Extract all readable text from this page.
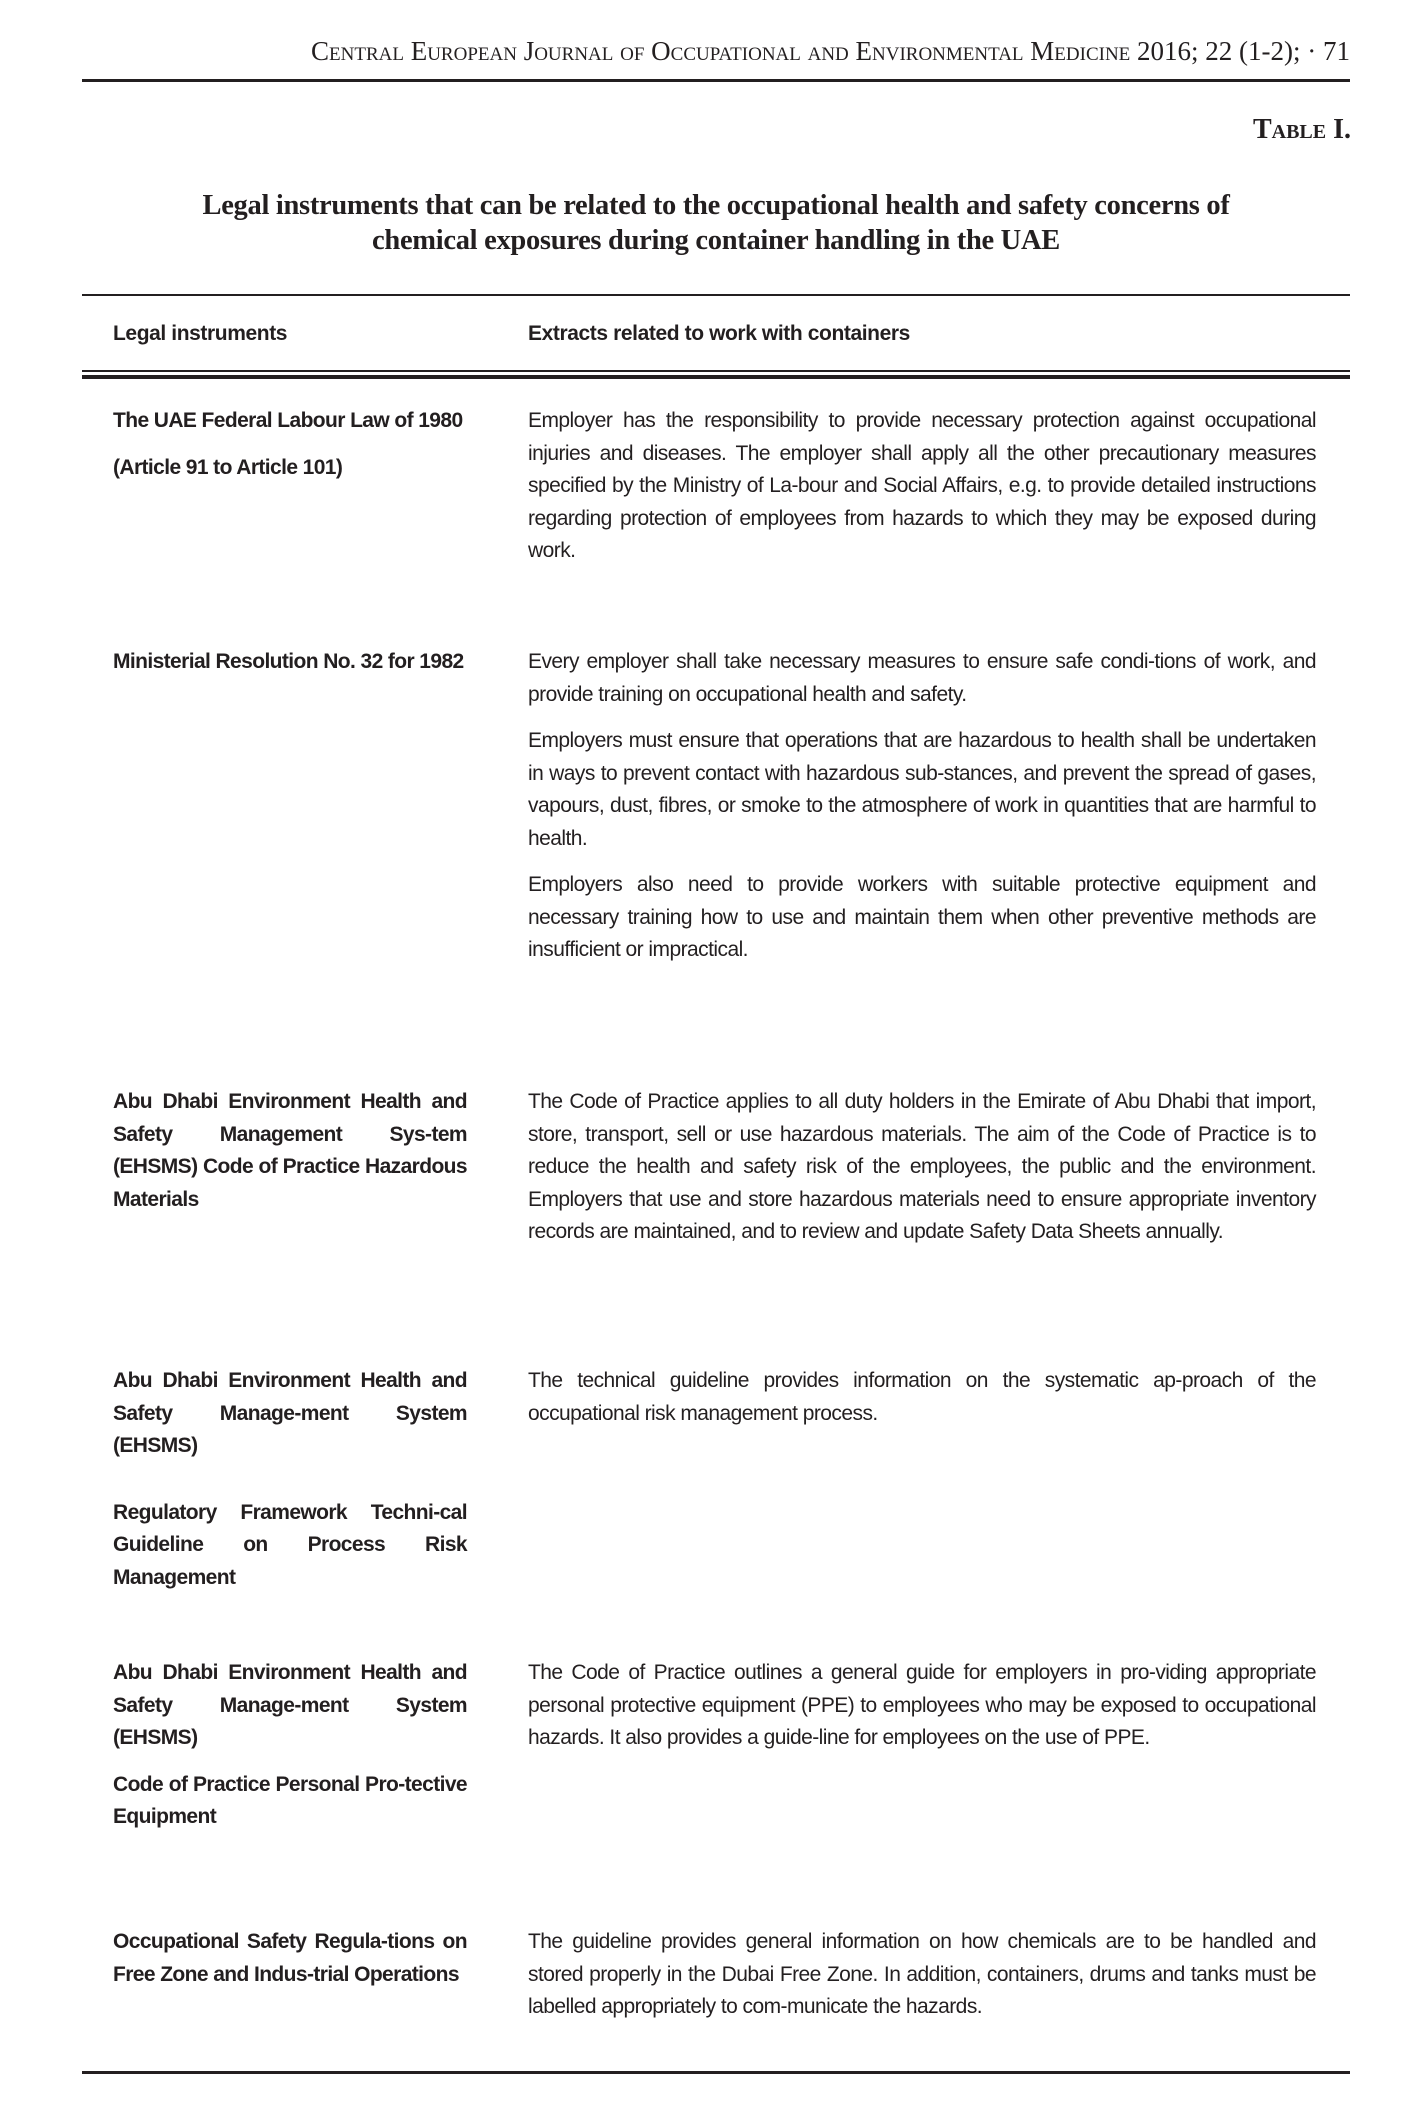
Central European Journal of Occupational and Environmental Medicine 2016; 22 (1-2); · 71
Table I.
Legal instruments that can be related to the occupational health and safety concerns of
chemical exposures during container handling in the UAE
Legal instruments	Extracts related to work with containers

The UAE Federal Labour Law of 1980

(Article 91 to Article 101)

Employer has the responsibility to provide necessary protection against occupational injuries and diseases. The employer shall apply all the other precautionary measures specified by the Ministry of La-bour and Social Affairs, e.g. to provide detailed instructions regarding protection of employees from hazards to which they may be exposed during work.

Ministerial Resolution No. 32 for 1982	Every employer shall take necessary measures to ensure safe condi-tions of work, and provide training on occupational health and safety.

Employers must ensure that operations that are hazardous to health shall be undertaken in ways to prevent contact with hazardous sub-stances, and prevent the spread of gases, vapours, dust, fibres, or smoke to the atmosphere of work in quantities that are harmful to health.

Employers also need to provide workers with suitable protective equipment and necessary training how to use and maintain them when other preventive methods are insufficient or impractical.

Abu Dhabi Environment Health and Safety Management Sys-tem (EHSMS) Code of Practice Hazardous Materials

The Code of Practice applies to all duty holders in the Emirate of Abu Dhabi that import, store, transport, sell or use hazardous materials. The aim of the Code of Practice is to reduce the health and safety risk of the employees, the public and the environment. Employers that use and store hazardous materials need to ensure appropriate inventory records are maintained, and to review and update Safety Data Sheets annually.

Abu Dhabi Environment Health and Safety Manage-ment System (EHSMS)

Regulatory Framework Techni-cal Guideline on Process Risk Management

The technical guideline provides information on the systematic ap-proach of the occupational risk management process.

Abu Dhabi Environment Health and Safety Manage-ment System (EHSMS)

Code of Practice Personal Pro-tective Equipment

The Code of Practice outlines a general guide for employers in pro-viding appropriate personal protective equipment (PPE) to employees who may be exposed to occupational hazards. It also provides a guide-line for employees on the use of PPE.

Occupational Safety Regula-tions on Free Zone and Indus-trial Operations

The guideline provides general information on how chemicals are to be handled and stored properly in the Dubai Free Zone. In addition, containers, drums and tanks must be labelled appropriately to com-municate the hazards.
